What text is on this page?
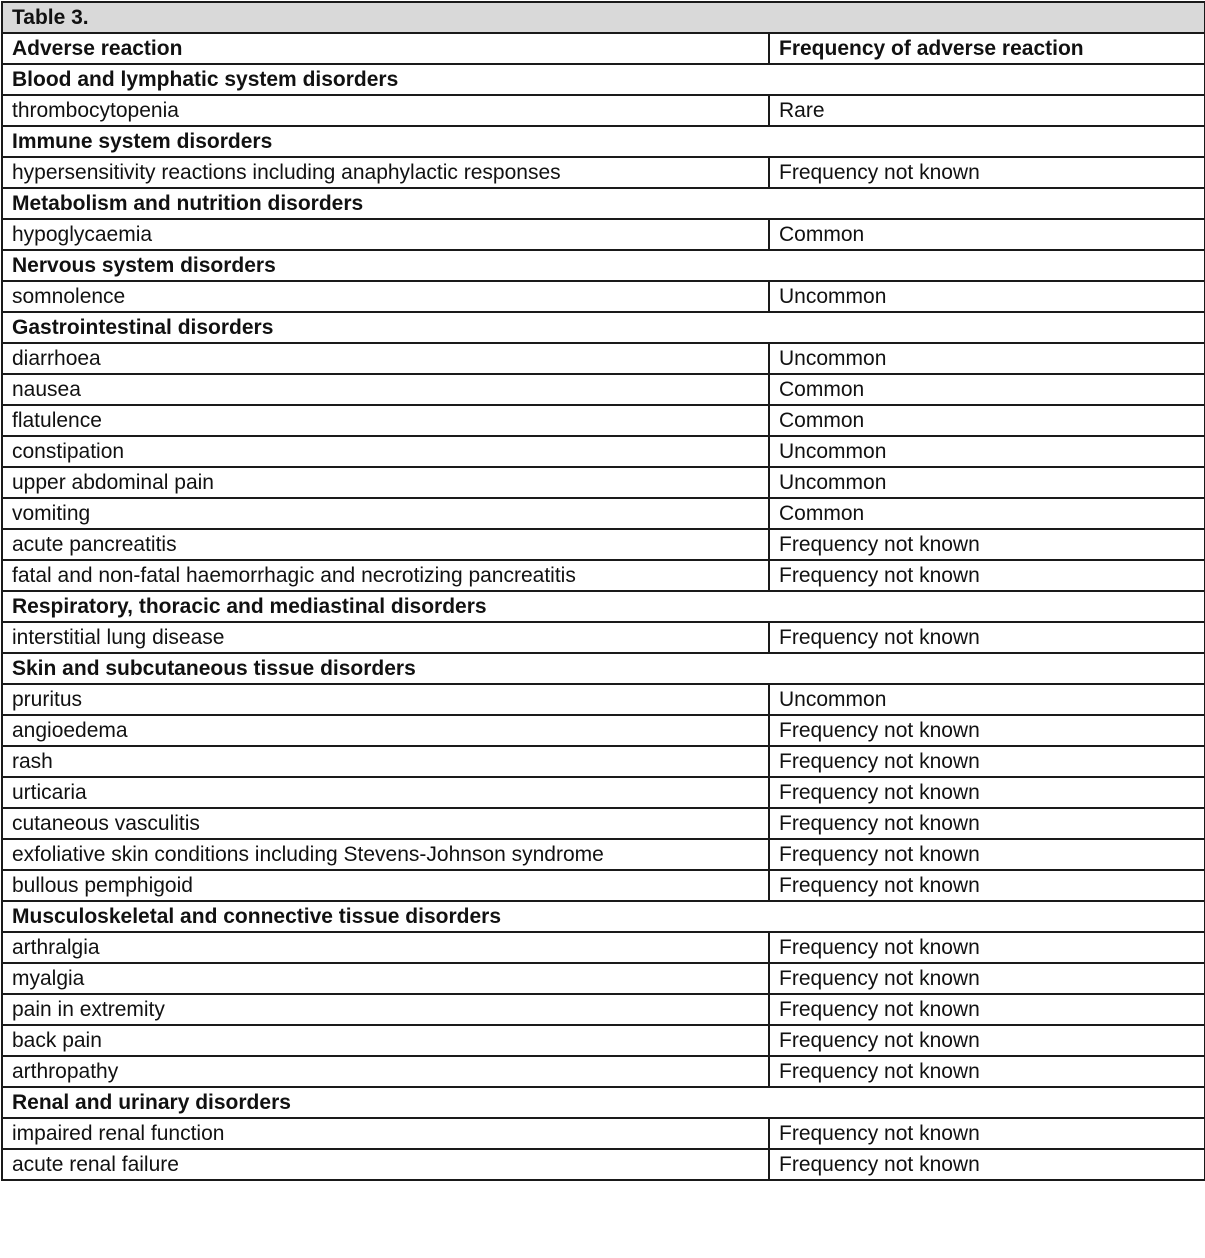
Table 3.	
Adverse reaction	Frequency of adverse reaction
Blood and lymphatic system disorders	
thrombocytopenia	Rare
Immune system disorders	
hypersensitivity reactions including anaphylactic responses	Frequency not known
Metabolism and nutrition disorders	
hypoglycaemia	Common
Nervous system disorders	
somnolence	Uncommon
Gastrointestinal disorders	
diarrhoea	Uncommon
nausea	Common
flatulence	Common
constipation	Uncommon
upper abdominal pain	Uncommon
vomiting	Common
acute pancreatitis	Frequency not known
fatal and non-fatal haemorrhagic and necrotizing pancreatitis	Frequency not known
Respiratory, thoracic and mediastinal disorders	
interstitial lung disease	Frequency not known
Skin and subcutaneous tissue disorders	
pruritus	Uncommon
angioedema	Frequency not known
rash	Frequency not known
urticaria	Frequency not known
cutaneous vasculitis	Frequency not known
exfoliative skin conditions including Stevens-Johnson syndrome	Frequency not known
bullous pemphigoid	Frequency not known
Musculoskeletal and connective tissue disorders	
arthralgia	Frequency not known
myalgia	Frequency not known
pain in extremity	Frequency not known
back pain	Frequency not known
arthropathy	Frequency not known
Renal and urinary disorders	
impaired renal function	Frequency not known
acute renal failure	Frequency not known
